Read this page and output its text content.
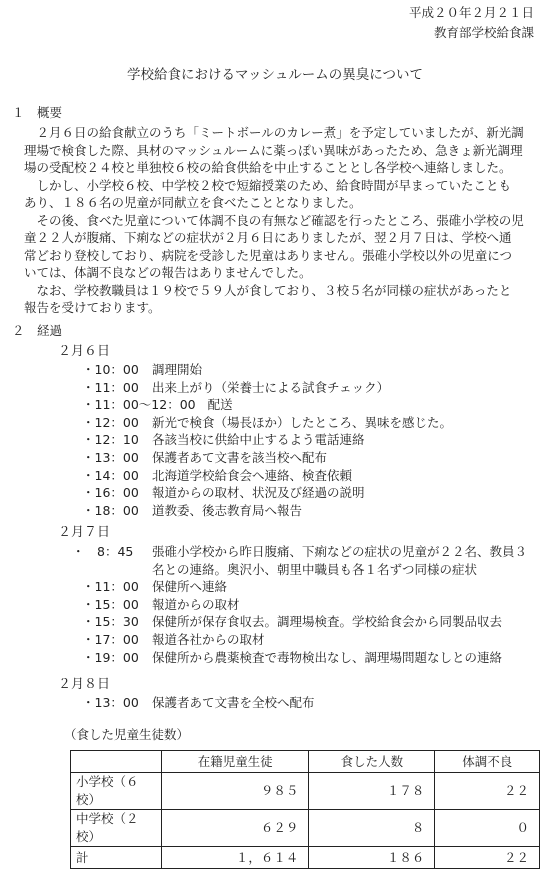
平成２０年２月２１日
教育部学校給食課
学校給食におけるマッシュルームの異臭について
１　概要

　２月６日の給食献立のうち「ミートボールのカレー煮」を予定していましたが、新光調
理場で検食した際、具材のマッシュルームに薬っぽい異味があったため、急きょ新光調理
場の受配校２４校と単独校６校の給食供給を中止することとし各学校へ連絡しました。

　しかし、小学校６校、中学校２校で短縮授業のため、給食時間が早まっていたことも
あり、１８６名の児童が同献立を食べたこととなりました。

　その後、食べた児童について体調不良の有無など確認を行ったところ、張碓小学校の児
童２２人が腹痛、下痢などの症状が２月６日にありましたが、翌２月７日は、学校へ通
常どおり登校しており、病院を受診した児童はありません。張碓小学校以外の児童につ
いては、体調不良などの報告はありませんでした。

　なお、学校教職員は１９校で５９人が食しており、３校５名が同様の症状があったと
報告を受けております。

２　経過
２月６日
・10：00	調理開始
・11：00	出来上がり（栄養士による試食チェック）
・11：00〜12：00 配送
・12：00	新光で検食（場長ほか）したところ、異味を感じた。
・12：10	各該当校に供給中止するよう電話連絡
・13：00	保護者あて文書を該当校へ配布
・14：00	北海道学校給食会へ連絡、検査依頼
・16：00	報道からの取材、状況及び経過の説明
・18：00	道教委、後志教育局へ報告
２月７日
・　8：45	張碓小学校から昨日腹痛、下痢などの症状の児童が２２名、教員３
名との連絡。奥沢小、朝里中職員も各１名ずつ同様の症状
・11：00	保健所へ連絡
・15：00	報道からの取材
・15：30	保健所が保存食収去。調理場検査。学校給食会から同製品収去
・17：00	報道各社からの取材
・19：00	保健所から農薬検査で毒物検出なし、調理場問題なしとの連絡
２月８日
・13：00	保護者あて文書を全校へ配布
（食した児童生徒数）
	在籍児童生徒	食した人数	体調不良
小学校（６校）	９８５	１７８	２２
中学校（２校）	６２９	８	０
計	１，６１４	１８６	２２
